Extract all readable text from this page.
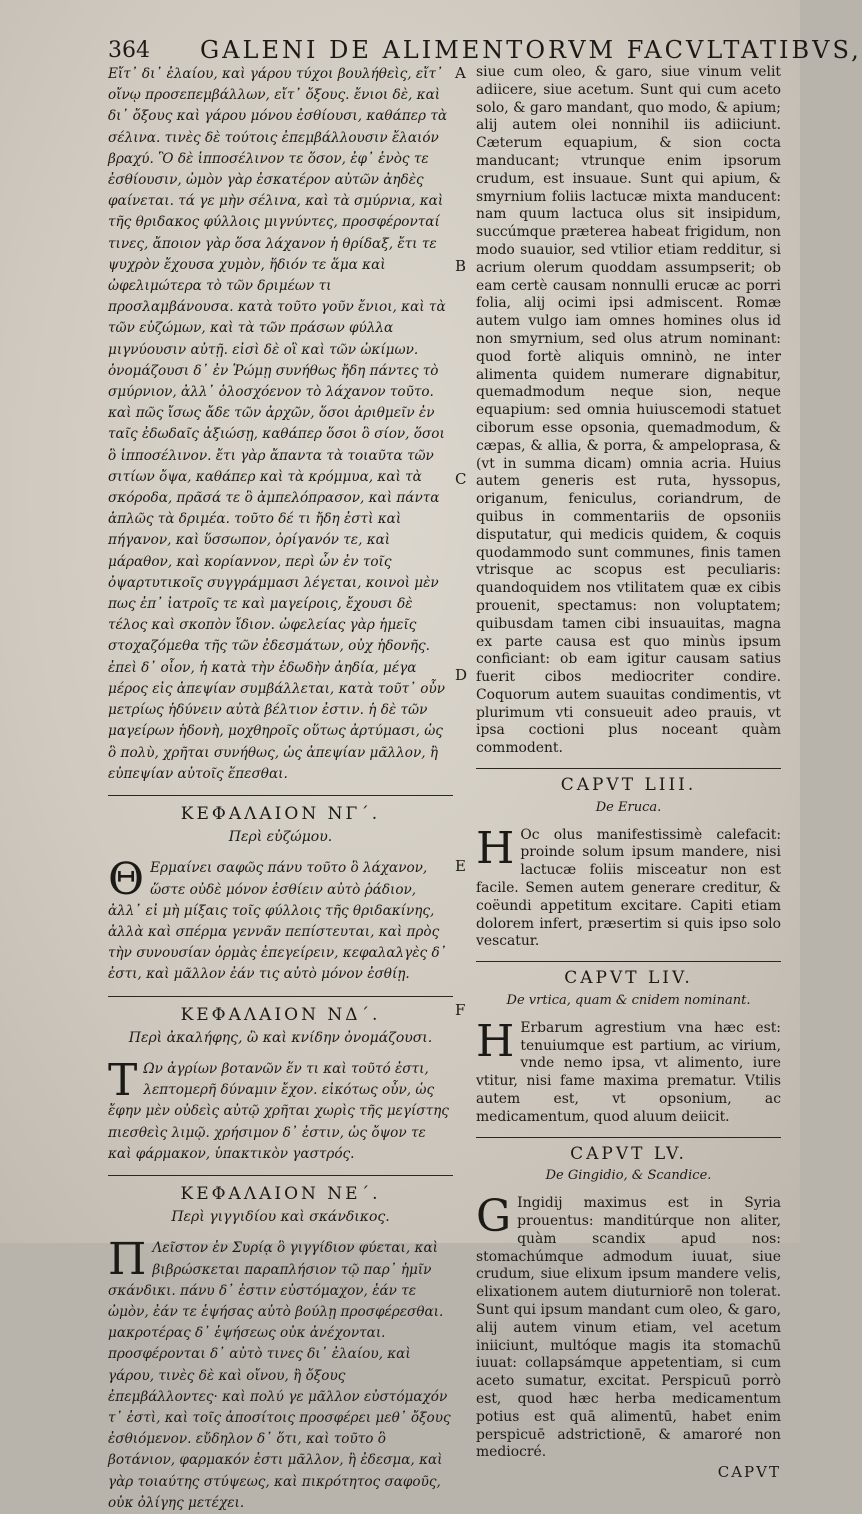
364 GALENI DE ALIMENTORVM FACVLTATIBVS,

Εἴτ᾽ δι᾽ ἐλαίου, καὶ γάρου τύχοι βουλήθεὶς, εἴτ᾽ οἴνῳ προσεπεμβάλλων, εἴτ᾽ ὄξους. ἔνιοι δὲ, καὶ δι᾽ ὄξους καὶ γάρου μόνου ἐσθίουσι, καθάπερ τὰ σέλινα. τινὲς δὲ τούτοις ἐπεμβάλλουσιν ἔλαιόν βραχύ. Ὃ δὲ ἱπποσέλινον τε ὅσον, ἐφ᾽ ἑνὸς τε ἐσθίουσιν, ὠμὸν γὰρ ἐσκατέρον αὐτῶν ἀηδὲς φαίνεται. τά γε μὴν σέλινα, καὶ τὰ σμύρνια, καὶ τῆς θριδακος φύλλοις μιγνύντες, προσφέρονταί τινες, ἄποιον γὰρ ὅσα λάχανον ἡ θρίδαξ, ἔτι τε ψυχρὸν ἔχουσα χυμὸν, ἥδιόν τε ἅμα καὶ ὠφελιμώτερα τὸ τῶν δριμέων τι προσλαμβάνουσα. κατὰ τοῦτο γοῦν ἔνιοι, καὶ τὰ τῶν εὐζώμων, καὶ τὰ τῶν πράσων φύλλα μιγνύουσιν αὐτῇ. εἰσὶ δὲ οἳ καὶ τῶν ὠκίμων. ὀνομάζουσι δ᾽ ἐν Ῥώμῃ συνήθως ἤδη πάντες τὸ σμύρνιον, ἀλλ᾽ ὁλοσχόενον τὸ λάχανον τοῦτο. καὶ πῶς ἴσως ἄδε τῶν ἀρχῶν, ὅσοι ἀριθμεῖν ἐν ταῖς ἐδωδαῖς ἀξιώσῃ, καθάπερ ὅσοι ὃ σίον, ὅσοι ὃ ἱπποσέλινον. ἔτι γὰρ ἄπαντα τὰ τοιαῦτα τῶν σιτίων ὄψα, καθάπερ καὶ τὰ κρόμμυα, καὶ τὰ σκόροδα, πρᾶσά τε ὃ ἀμπελόπρασον, καὶ πάντα ἁπλῶς τὰ δριμέα. τοῦτο δέ τι ἤδη ἐστὶ καὶ πήγανον, καὶ ὕσσωπον, ὀρίγανόν τε, καὶ μάραθον, καὶ κορίαννον, περὶ ὧν ἐν τοῖς ὀψαρτυτικοῖς συγγράμμασι λέγεται, κοινοὶ μὲν πως ἐπ᾽ ἰατροῖς τε καὶ μαγείροις, ἔχουσι δὲ τέλος καὶ σκοπὸν ἴδιον. ὠφελείας γὰρ ἡμεῖς στοχαζόμεθα τῆς τῶν ἐδεσμάτων, οὐχ ἡδονῆς. ἐπεὶ δ᾽ οἷον, ἡ κατὰ τὴν ἐδωδὴν ἀηδία, μέγα μέρος εἰς ἀπεψίαν συμβάλλεται, κατὰ τοῦτ᾽ οὖν μετρίως ἡδύνειν αὐτὰ βέλτιον ἐστιν. ἡ δὲ τῶν μαγείρων ἡδονὴ, μοχθηροῖς οὕτως ἀρτύμασι, ὡς ὃ πολὺ, χρῆται συνήθως, ὡς ἀπεψίαν μᾶλλον, ἢ εὐπεψίαν αὐτοῖς ἕπεσθαι.

ΚΕΦΑΛΑΙΟΝ ΝΓ΄.
Περὶ εὐζώμου.

Θ Ερμαίνει σαφῶς πάνυ τοῦτο ὃ λάχανον, ὥστε οὐδὲ μόνον ἐσθίειν αὐτὸ ῥάδιον, ἀλλ᾽ εἰ μὴ μίξαις τοῖς φύλλοις τῆς θριδακίνης, ἀλλὰ καὶ σπέρμα γεννᾶν πεπίστευται, καὶ πρὸς τὴν συνουσίαν ὁρμὰς ἐπεγείρειν, κεφαλαλγὲς δ᾽ ἐστι, καὶ μᾶλλον ἐάν τις αὐτὸ μόνον ἐσθίῃ.

ΚΕΦΑΛΑΙΟΝ ΝΔ΄.
Περὶ ἀκαλήφης, ὣ καὶ κνίδην ὀνομάζουσι.

Τ Ων ἀγρίων βοτανῶν ἕν τι καὶ τοῦτό ἐστι, λεπτομερῆ δύναμιν ἔχον. εἰκότως οὖν, ὡς ἔφην μὲν οὐδεὶς αὐτῷ χρῆται χωρὶς τῆς μεγίστης πιεσθεὶς λιμῷ. χρήσιμον δ᾽ ἐστιν, ὡς ὄψον τε καὶ φάρμακον, ὑπακτικὸν γαστρός.

ΚΕΦΑΛΑΙΟΝ ΝΕ΄.
Περὶ γιγγιδίου καὶ σκάνδικος.

Π Λεῖστον ἐν Συρίᾳ ὃ γιγγίδιον φύεται, καὶ βιβρώσκεται παραπλήσιον τῷ παρ᾽ ἡμῖν σκάνδικι. πάνυ δ᾽ ἐστιν εὐστόμαχον, ἐάν τε ὠμὸν, ἐάν τε ἑψήσας αὐτὸ βούλῃ προσφέρεσθαι. μακροτέρας δ᾽ ἑψήσεως οὐκ ἀνέχονται. προσφέρονται δ᾽ αὐτὸ τινες δι᾽ ἐλαίου, καὶ γάρου, τινὲς δὲ καὶ οἴνου, ἢ ὄξους ἐπεμβάλλοντες· καὶ πολύ γε μᾶλλον εὐστόμαχόν τ᾽ ἐστὶ, καὶ τοῖς ἀποσίτοις προσφέρει μεθ᾽ ὄξους ἐσθιόμενον. εὔδηλον δ᾽ ὅτι, καὶ τοῦτο ὃ βοτάνιον, φαρμακόν ἐστι μᾶλλον, ἢ ἐδεσμα, καὶ γὰρ τοιαύτης στύψεως, καὶ πικρότητος σαφοῦς, οὐκ ὀλίγης μετέχει.

A
B
C
D
E
F

siue cum oleo, & garo, siue vinum velit adiicere, siue acetum. Sunt qui cum aceto solo, & garo mandant, quo modo, & apium; alij autem olei nonnihil iis adiiciunt. Cæterum equapium, & sion cocta manducant; vtrunque enim ipsorum crudum, est insuaue. Sunt qui apium, & smyrnium foliis lactucæ mixta manducent: nam quum lactuca olus sit insipidum, succúmque præterea habeat frigidum, non modo suauior, sed vtilior etiam redditur, si acrium olerum quoddam assumpserit; ob eam certè causam nonnulli erucæ ac porri folia, alij ocimi ipsi admiscent. Romæ autem vulgo iam omnes homines olus id non smyrnium, sed olus atrum nominant: quod fortè aliquis omninò, ne inter alimenta quidem numerare dignabitur, quemadmodum neque sion, neque equapium: sed omnia huiuscemodi statuet ciborum esse opsonia, quemadmodum, & cæpas, & allia, & porra, & ampeloprasa, & (vt in summa dicam) omnia acria. Huius autem generis est ruta, hyssopus, origanum, feniculus, coriandrum, de quibus in commentariis de opsoniis disputatur, qui medicis quidem, & coquis quodammodo sunt communes, finis tamen vtrisque ac scopus est peculiaris: quandoquidem nos vtilitatem quæ ex cibis prouenit, spectamus: non voluptatem; quibusdam tamen cibi insuauitas, magna ex parte causa est quo minùs ipsum conficiant: ob eam igitur causam satius fuerit cibos mediocriter condire. Coquorum autem suauitas condimentis, vt plurimum vti consueuit adeo prauis, vt ipsa coctioni plus noceant quàm commodent.

CAPVT LIII.
De Eruca.

H Oc olus manifestissimè calefacit: proinde solum ipsum mandere, nisi lactucæ foliis misceatur non est facile. Semen autem generare creditur, & coëundi appetitum excitare. Capiti etiam dolorem infert, præsertim si quis ipso solo vescatur.

CAPVT LIV.
De vrtica, quam & cnidem nominant.

H Erbarum agrestium vna hæc est: tenuiumque est partium, ac virium, vnde nemo ipsa, vt alimento, iure vtitur, nisi fame maxima prematur. Vtilis autem est, vt opsonium, ac medicamentum, quod aluum deiicit.

CAPVT LV.
De Gingidio, & Scandice.

G Ingidij maximus est in Syria prouentus: manditúrque non aliter, quàm scandix apud nos: stomachúmque admodum iuuat, siue crudum, siue elixum ipsum mandere velis, elixationem autem diuturniorē non tolerat. Sunt qui ipsum mandant cum oleo, & garo, alij autem vinum etiam, vel acetum iniiciunt, multóque magis ita stomachū iuuat: collapsámque appetentiam, si cum aceto sumatur, excitat. Perspicuū porrò est, quod hæc herba medicamentum potius est quā alimentū, habet enim perspicuē adstrictionē, & amaroré non mediocré.

CAPVT
